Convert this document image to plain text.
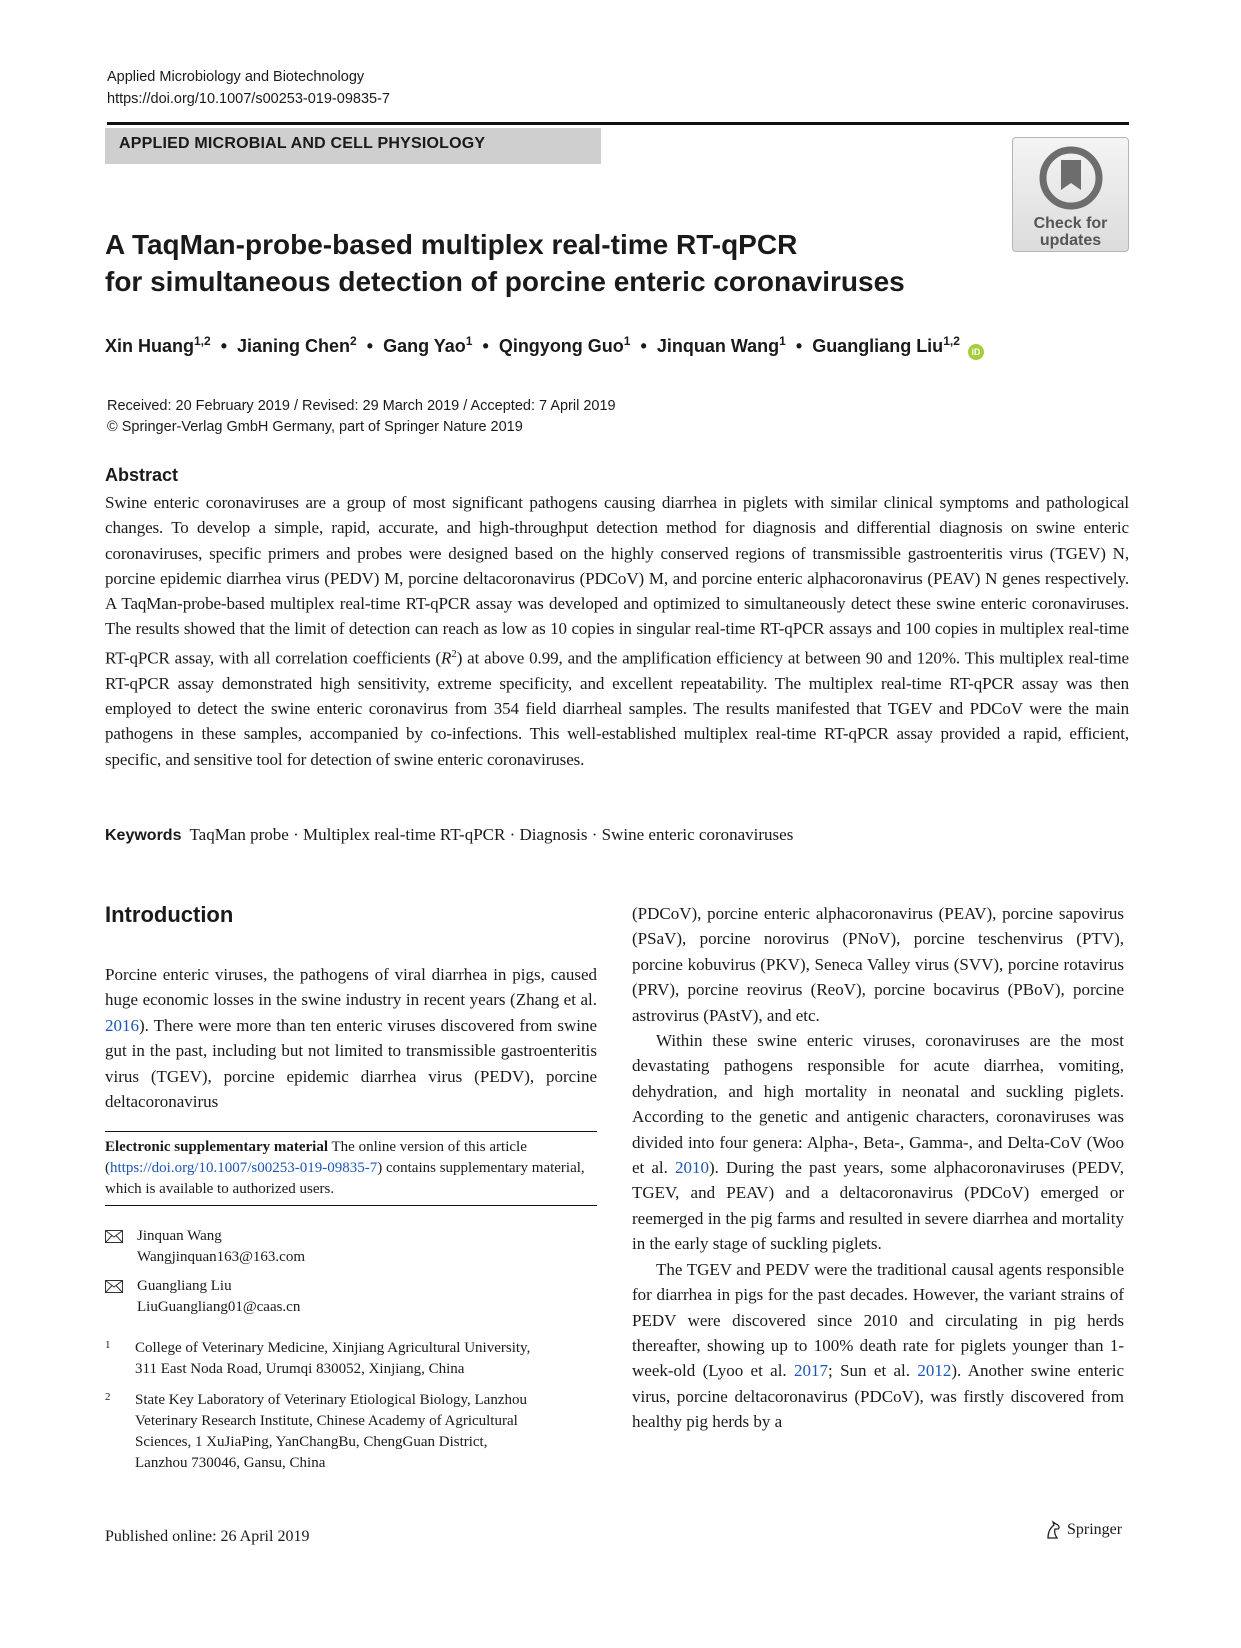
Applied Microbiology and Biotechnology
https://doi.org/10.1007/s00253-019-09835-7
APPLIED MICROBIAL AND CELL PHYSIOLOGY
Check for
updates
A TaqMan-probe-based multiplex real-time RT-qPCR
for simultaneous detection of porcine enteric coronaviruses
Xin Huang$^{1,2}$ • Jianing Chen$^2$ • Gang Yao$^1$ • Qingyong Guo$^1$ • Jinquan Wang$^1$ • Guangliang Liu$^{1,2}$ iD
Received: 20 February 2019 / Revised: 29 March 2019 / Accepted: 7 April 2019
© Springer-Verlag GmbH Germany, part of Springer Nature 2019
Abstract
Swine enteric coronaviruses are a group of most significant pathogens causing diarrhea in piglets with similar clinical symptoms and pathological changes. To develop a simple, rapid, accurate, and high-throughput detection method for diagnosis and differential diagnosis on swine enteric coronaviruses, specific primers and probes were designed based on the highly conserved regions of transmissible gastroenteritis virus (TGEV) N, porcine epidemic diarrhea virus (PEDV) M, porcine deltacoronavirus (PDCoV) M, and porcine enteric alphacoronavirus (PEAV) N genes respectively. A TaqMan-probe-based multiplex real-time RT-qPCR assay was developed and optimized to simultaneously detect these swine enteric coronaviruses. The results showed that the limit of detection can reach as low as 10 copies in singular real-time RT-qPCR assays and 100 copies in multiplex real-time RT-qPCR assay, with all correlation coefficients $(R^2)$ at above 0.99, and the amplification efficiency at between 90 and 120%. This multiplex real-time RT-qPCR assay demonstrated high sensitivity, extreme specificity, and excellent repeatability. The multiplex real-time RT-qPCR assay was then employed to detect the swine enteric coronavirus from 354 field diarrheal samples. The results manifested that TGEV and PDCoV were the main pathogens in these samples, accompanied by co-infections. This well-established multiplex real-time RT-qPCR assay provided a rapid, efficient, specific, and sensitive tool for detection of swine enteric coronaviruses.
Keywords TaqMan probe · Multiplex real-time RT-qPCR · Diagnosis · Swine enteric coronaviruses
Introduction

Porcine enteric viruses, the pathogens of viral diarrhea in pigs, caused huge economic losses in the swine industry in recent years (Zhang et al. 2016). There were more than ten enteric viruses discovered from swine gut in the past, including but not limited to transmissible gastroenteritis virus (TGEV), porcine epidemic diarrhea virus (PEDV), porcine deltacoronavirus

(PDCoV), porcine enteric alphacoronavirus (PEAV), porcine sapovirus (PSaV), porcine norovirus (PNoV), porcine teschenvirus (PTV), porcine kobuvirus (PKV), Seneca Valley virus (SVV), porcine rotavirus (PRV), porcine reovirus (ReoV), porcine bocavirus (PBoV), porcine astrovirus (PAstV), and etc.

Within these swine enteric viruses, coronaviruses are the most devastating pathogens responsible for acute diarrhea, vomiting, dehydration, and high mortality in neonatal and suckling piglets. According to the genetic and antigenic characters, coronaviruses was divided into four genera: Alpha-, Beta-, Gamma-, and Delta-CoV (Woo et al. 2010). During the past years, some alphacoronaviruses (PEDV, TGEV, and PEAV) and a deltacoronavirus (PDCoV) emerged or reemerged in the pig farms and resulted in severe diarrhea and mortality in the early stage of suckling piglets.

The TGEV and PEDV were the traditional causal agents responsible for diarrhea in pigs for the past decades. However, the variant strains of PEDV were discovered since 2010 and circulating in pig herds thereafter, showing up to 100% death rate for piglets younger than 1-week-old (Lyoo et al. 2017; Sun et al. 2012). Another swine enteric virus, porcine deltacoronavirus (PDCoV), was firstly discovered from healthy pig herds by a

Electronic supplementary material The online version of this article (https://doi.org/10.1007/s00253-019-09835-7) contains supplementary material, which is available to authorized users.
Jinquan Wang
Wangjinquan163@163.com
Guangliang Liu
LiuGuangliang01@caas.cn
1 College of Veterinary Medicine, Xinjiang Agricultural University,
311 East Noda Road, Urumqi 830052, Xinjiang, China
2 State Key Laboratory of Veterinary Etiological Biology, Lanzhou
Veterinary Research Institute, Chinese Academy of Agricultural
Sciences, 1 XuJiaPing, YanChangBu, ChengGuan District,
Lanzhou 730046, Gansu, China
Published online: 26 April 2019	Springer
